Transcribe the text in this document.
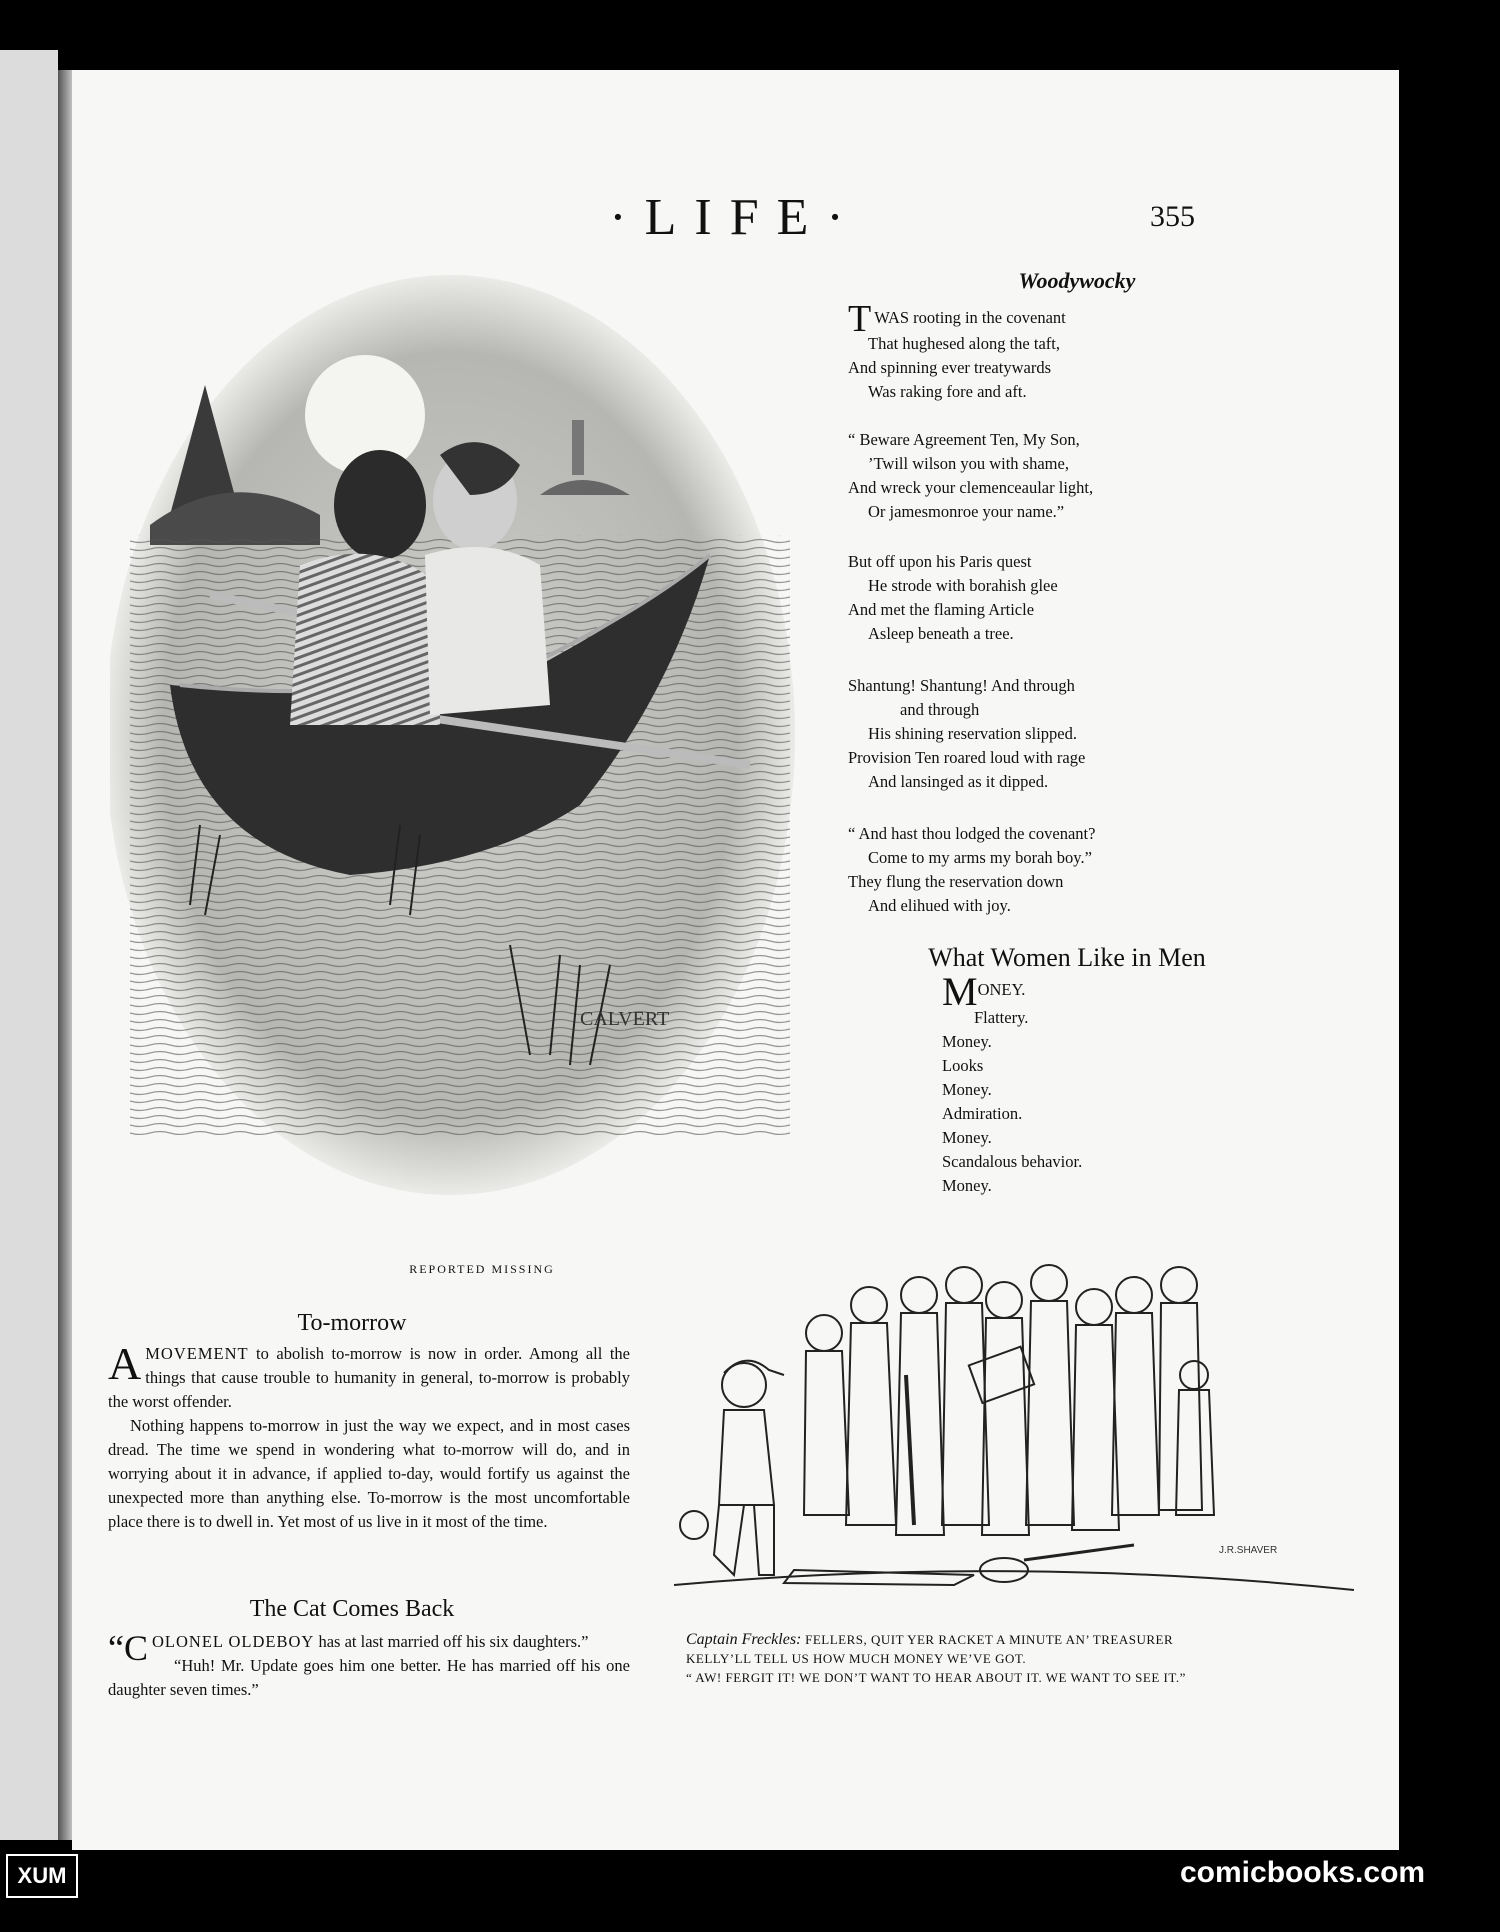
·LIFE·	355
CALVERT
REPORTED MISSING
Woodywocky
TWAS rooting in the covenant
That hughesed along the taft,
And spinning ever treatywards
Was raking fore and aft.
“ Beware Agreement Ten, My Son,
’Twill wilson you with shame,
And wreck your clemenceaular light,
Or jamesmonroe your name.”
But off upon his Paris quest
He strode with borahish glee
And met the flaming Article
Asleep beneath a tree.
Shantung! Shantung! And through
and through
His shining reservation slipped.
Provision Ten roared loud with rage
And lansinged as it dipped.
“ And hast thou lodged the covenant?
Come to my arms my borah boy.”
They flung the reservation down
And elihued with joy.
What Women Like in Men
MONEY.
Flattery.
Money.
Looks
Money.
Admiration.
Money.
Scandalous behavior.
Money.
J.R.SHAVER
Captain Freckles: FELLERS, QUIT YER RACKET A MINUTE AN’ TREASURER KELLY’LL TELL US HOW MUCH MONEY WE’VE GOT.
“ AW! FERGIT IT! WE DON’T WANT TO HEAR ABOUT IT. WE WANT TO SEE IT.”
To-morrow

AMOVEMENT to abolish to-morrow is now in order. Among all the things that cause trouble to humanity in general, to-morrow is probably the worst offender.

Nothing happens to-morrow in just the way we expect, and in most cases dread. The time we spend in wondering what to-morrow will do, and in worrying about it in advance, if applied to-day, would fortify us against the unexpected more than anything else. To-morrow is the most uncomfortable place there is to dwell in. Yet most of us live in it most of the time.

The Cat Comes Back

“C OLONEL OLDEBOY has at last married off his six daughters.”

“Huh! Mr. Update goes him one better. He has married off his one daughter seven times.”

XUM	comicbooks.com
